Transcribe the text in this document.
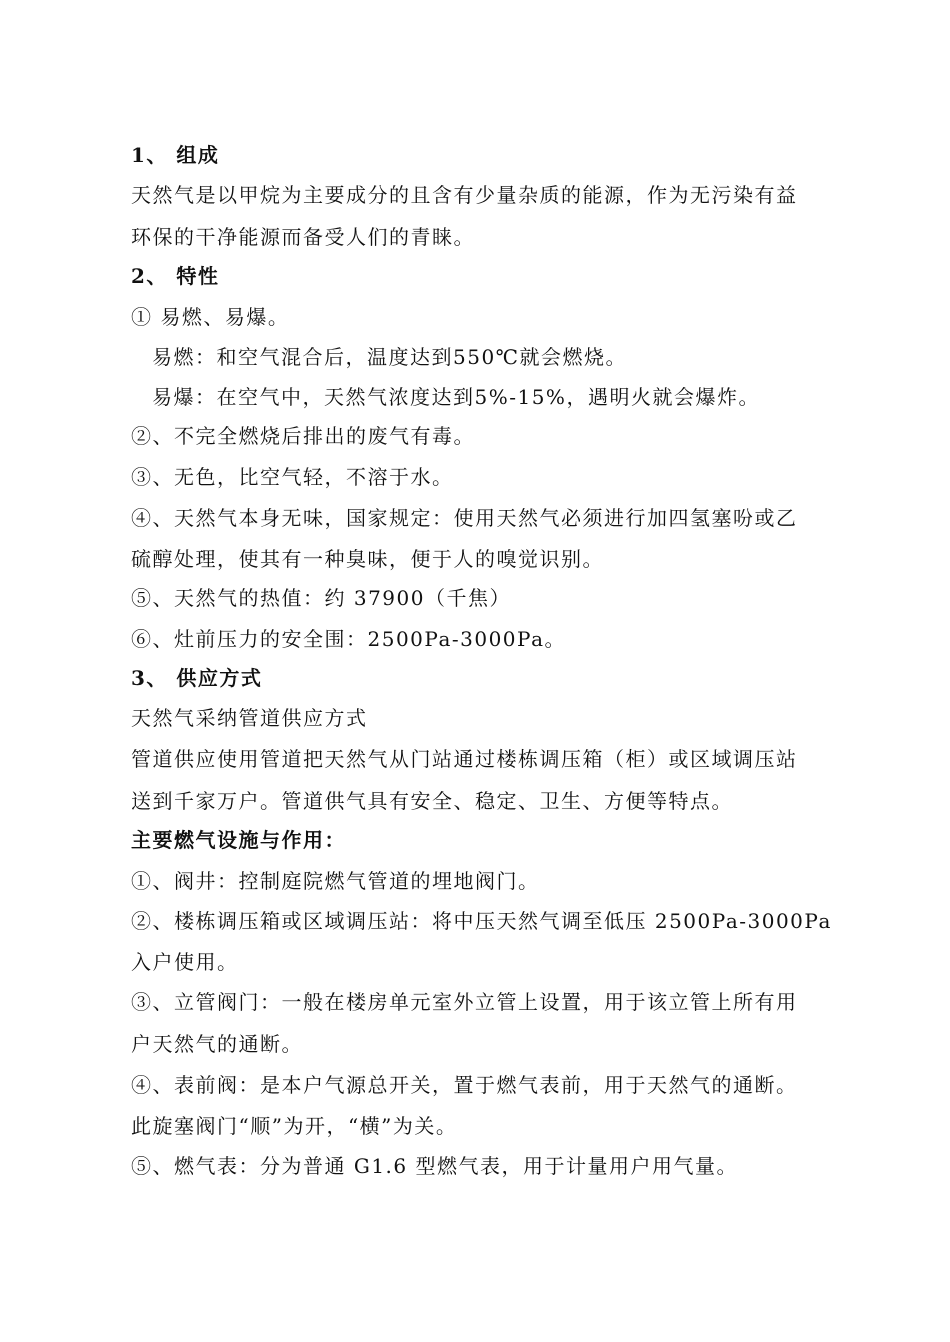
1、 组成
天然气是以甲烷为主要成分的且含有少量杂质的能源，作为无污染有益
环保的干净能源而备受人们的青睐。
2、 特性
① 易燃、易爆。
易燃：和空气混合后，温度达到550℃就会燃烧。
易爆：在空气中，天然气浓度达到5%-15%，遇明火就会爆炸。
②、不完全燃烧后排出的废气有毒。
③、无色，比空气轻，不溶于水。
④、天然气本身无味，国家规定：使用天然气必须进行加四氢塞吩或乙
硫醇处理，使其有一种臭味，便于人的嗅觉识别。
⑤、天然气的热值：约 37900（千焦）
⑥、灶前压力的安全围：2500Pa-3000Pa。
3、 供应方式
天然气采纳管道供应方式
管道供应使用管道把天然气从门站通过楼栋调压箱（柜）或区域调压站
送到千家万户。管道供气具有安全、稳定、卫生、方便等特点。
主要燃气设施与作用：
①、阀井：控制庭院燃气管道的埋地阀门。
②、楼栋调压箱或区域调压站：将中压天然气调至低压 2500Pa-3000Pa
入户使用。
③、立管阀门：一般在楼房单元室外立管上设置，用于该立管上所有用
户天然气的通断。
④、表前阀：是本户气源总开关，置于燃气表前，用于天然气的通断。
此旋塞阀门“顺”为开，“横”为关。
⑤、燃气表：分为普通 G1.6 型燃气表，用于计量用户用气量。
